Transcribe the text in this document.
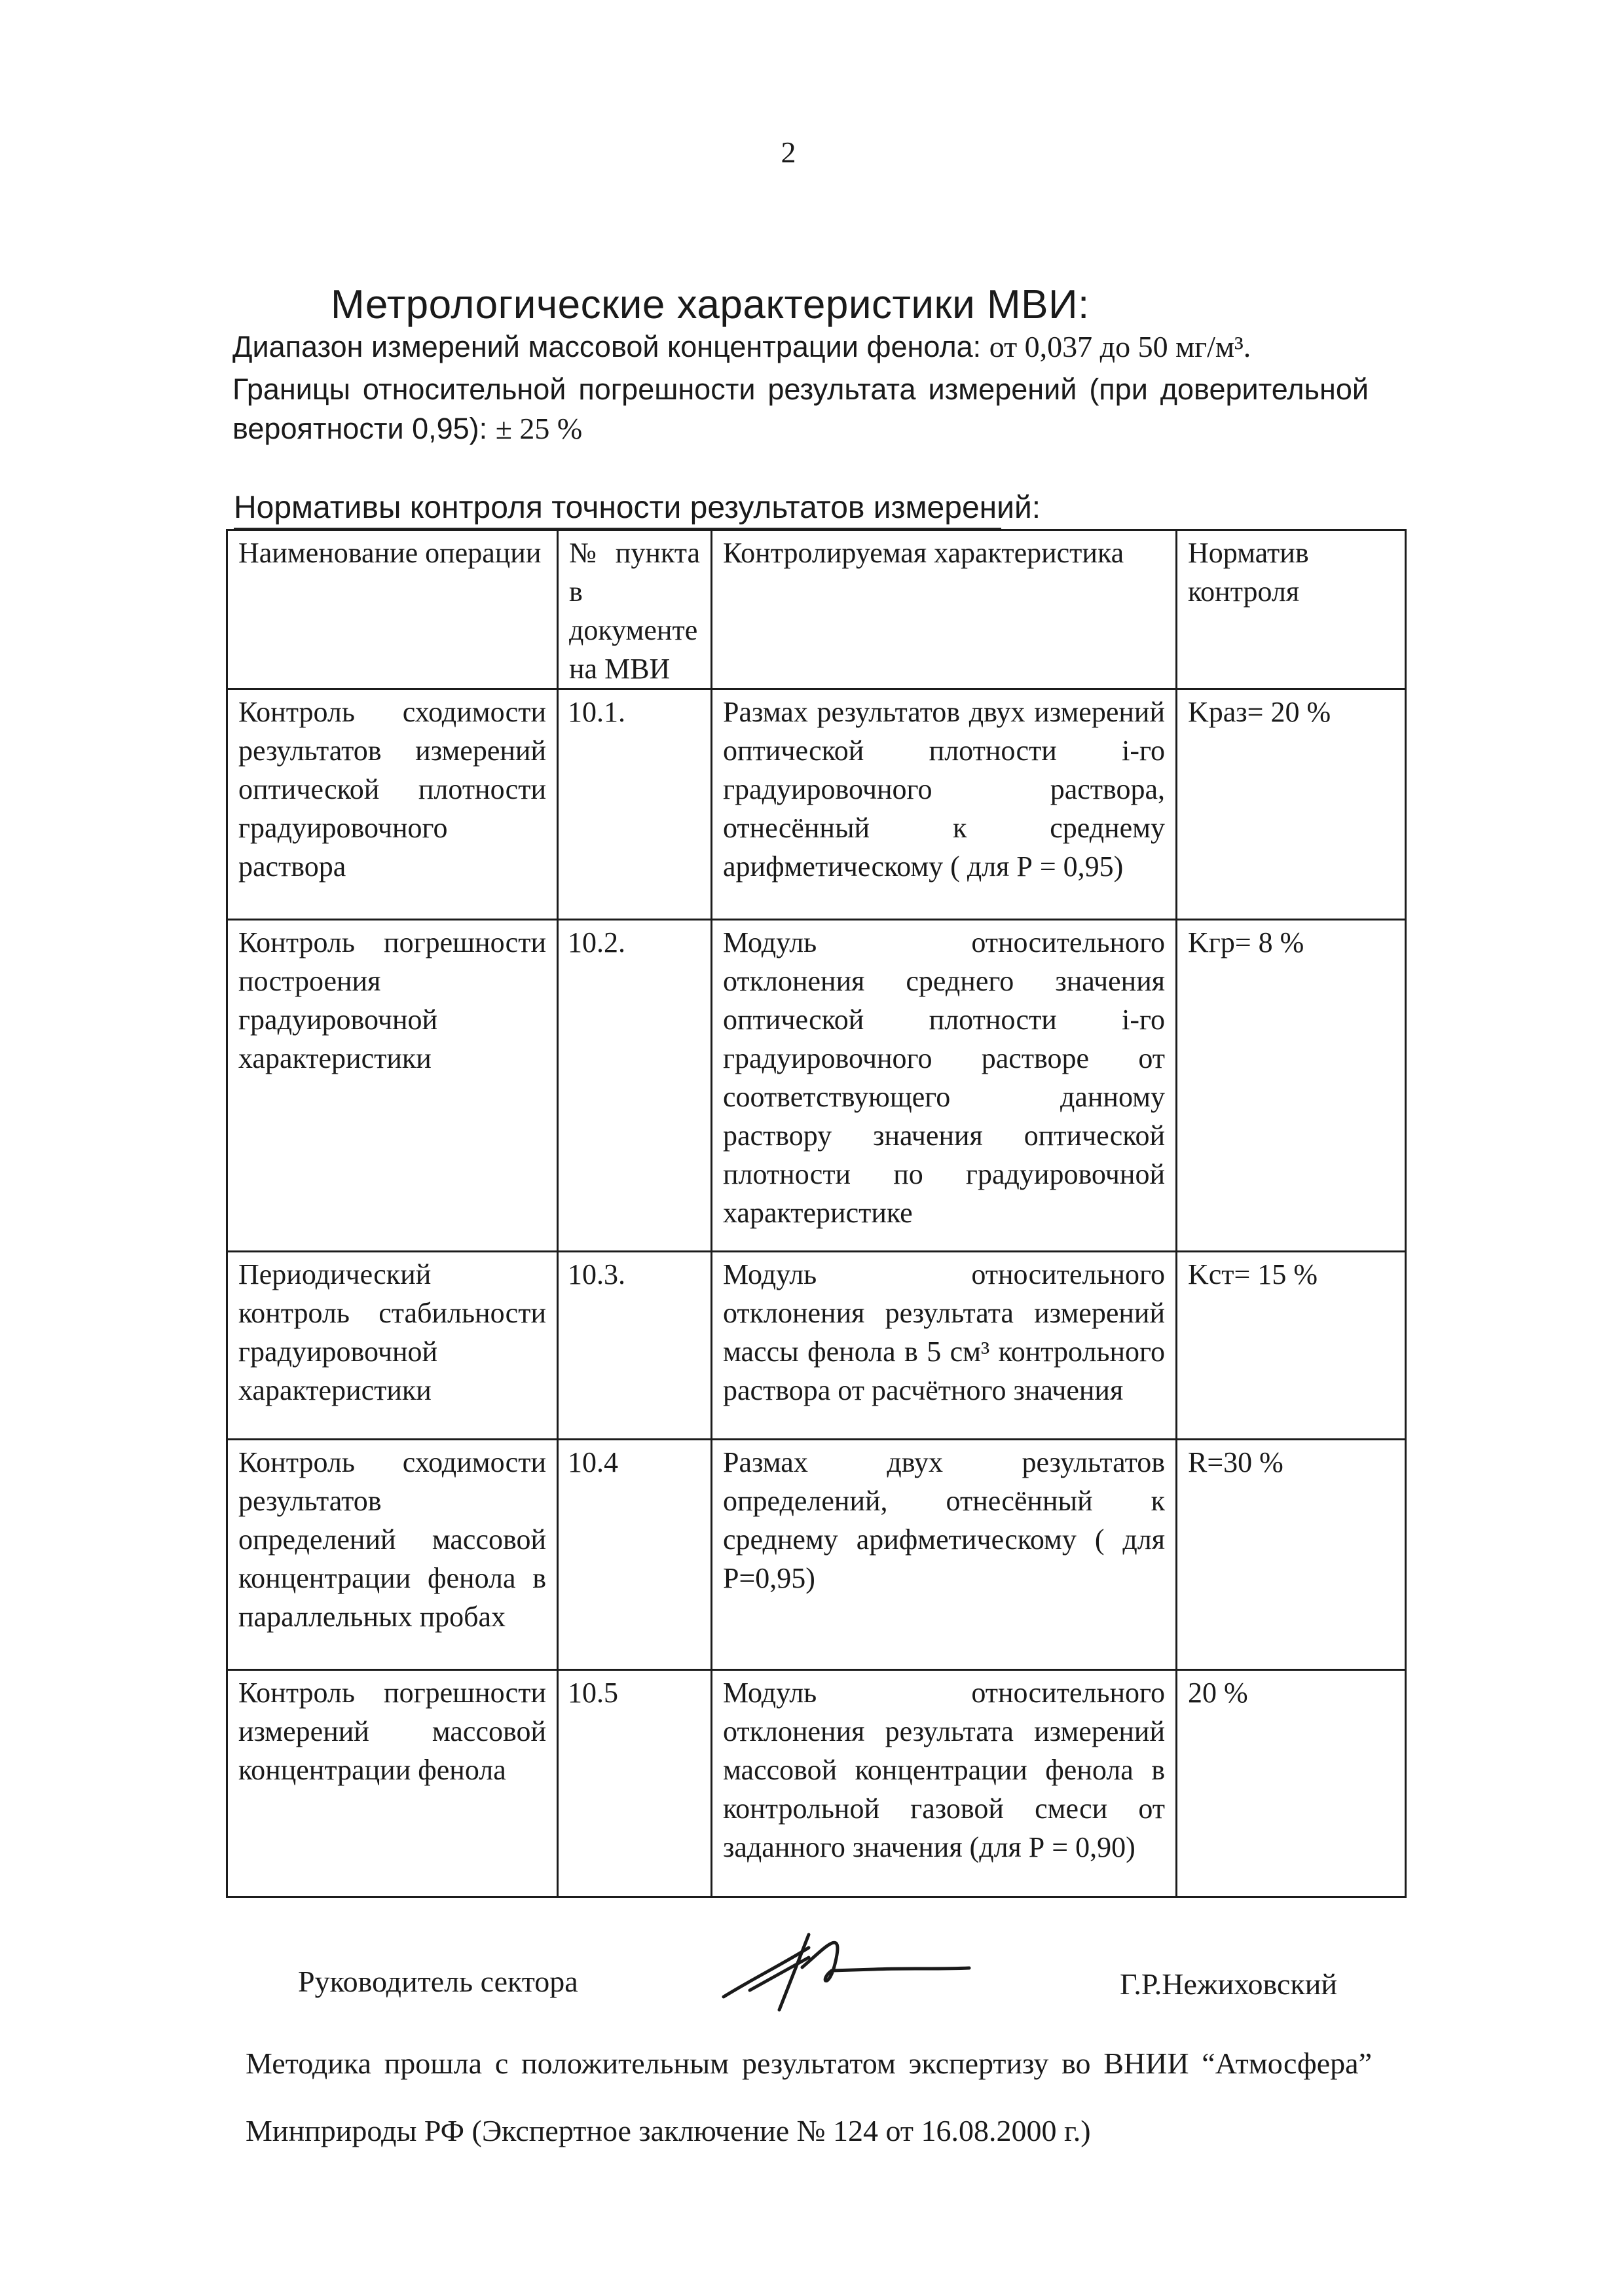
2
Метрологические характеристики МВИ:
Диапазон измерений массовой концентрации фенола: от 0,037 до 50 мг/м³.
Границы относительной погрешности результата измерений (при доверительной вероятности 0,95): ± 25 %
Нормативы контроля точности результатов измерений:
Наименование операции	№ пункта в документе на МВИ	Контролируемая характеристика	Норматив контроля
Контроль сходимости результатов измерений оптической плотности градуировочного раствора	10.1.	Размах результатов двух измерений оптической плотности i-го градуировочного раствора, отнесённый к среднему арифметическому ( для Р = 0,95)	Kраз= 20 %
Контроль погрешности построения градуировочной характеристики	10.2.	Модуль относительного отклонения среднего значения оптической плотности i-го градуировочного растворе от соответствующего данному раствору значения оптической плотности по градуировочной характеристике	Kгр= 8 %
Периодический контроль стабильности градуировочной характеристики	10.3.	Модуль относительного отклонения результата измерений массы фенола в 5 см³ контрольного раствора от расчётного значения	Kст= 15 %
Контроль сходимости результатов определений массовой концентрации фенола в параллельных пробах	10.4	Размах двух результатов определений, отнесённый к среднему арифметическому ( для Р=0,95)	R=30 %
Контроль погрешности измерений массовой концентрации фенола	10.5	Модуль относительного отклонения результата измерений массовой концентрации фенола в контрольной газовой смеси от заданного значения (для Р = 0,90)	20 %
Руководитель сектора	Г.Р.Нежиховский
Методика прошла с положительным результатом экспертизу во ВНИИ “Атмосфера” Минприроды РФ (Экспертное заключение № 124 от 16.08.2000 г.)
